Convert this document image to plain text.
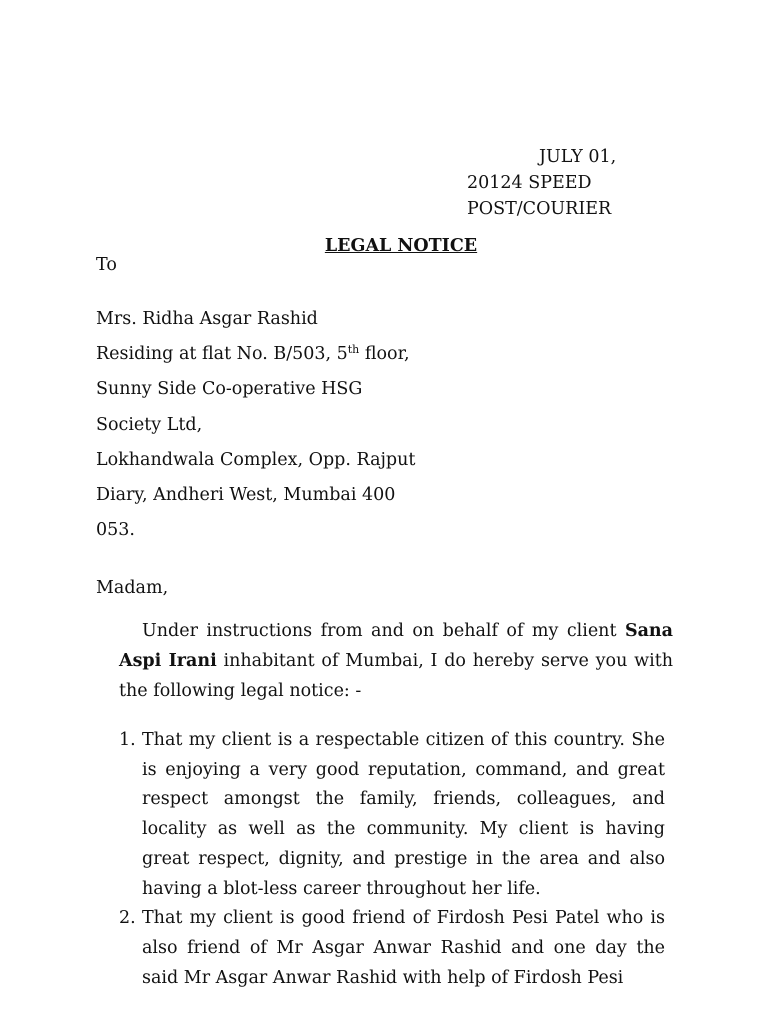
JULY 01,
20124 SPEED
POST/COURIER
LEGAL NOTICE
To
Mrs. Ridha Asgar Rashid
Residing at flat No. B/503, 5th floor,
Sunny Side Co-operative HSG
Society Ltd,
Lokhandwala Complex, Opp. Rajput
Diary, Andheri West, Mumbai 400
053.
Madam,
Under instructions from and on behalf of my client Sana Aspi Irani inhabitant of Mumbai, I do hereby serve you with the following legal notice: -
1. That my client is a respectable citizen of this country. She is enjoying a very good reputation, command, and great respect amongst the family, friends, colleagues, and locality as well as the community. My client is having great respect, dignity, and prestige in the area and also having a blot-less career throughout her life.
2. That my client is good friend of Firdosh Pesi Patel who is also friend of Mr Asgar Anwar Rashid and one day the said Mr Asgar Anwar Rashid with help of Firdosh Pesi
